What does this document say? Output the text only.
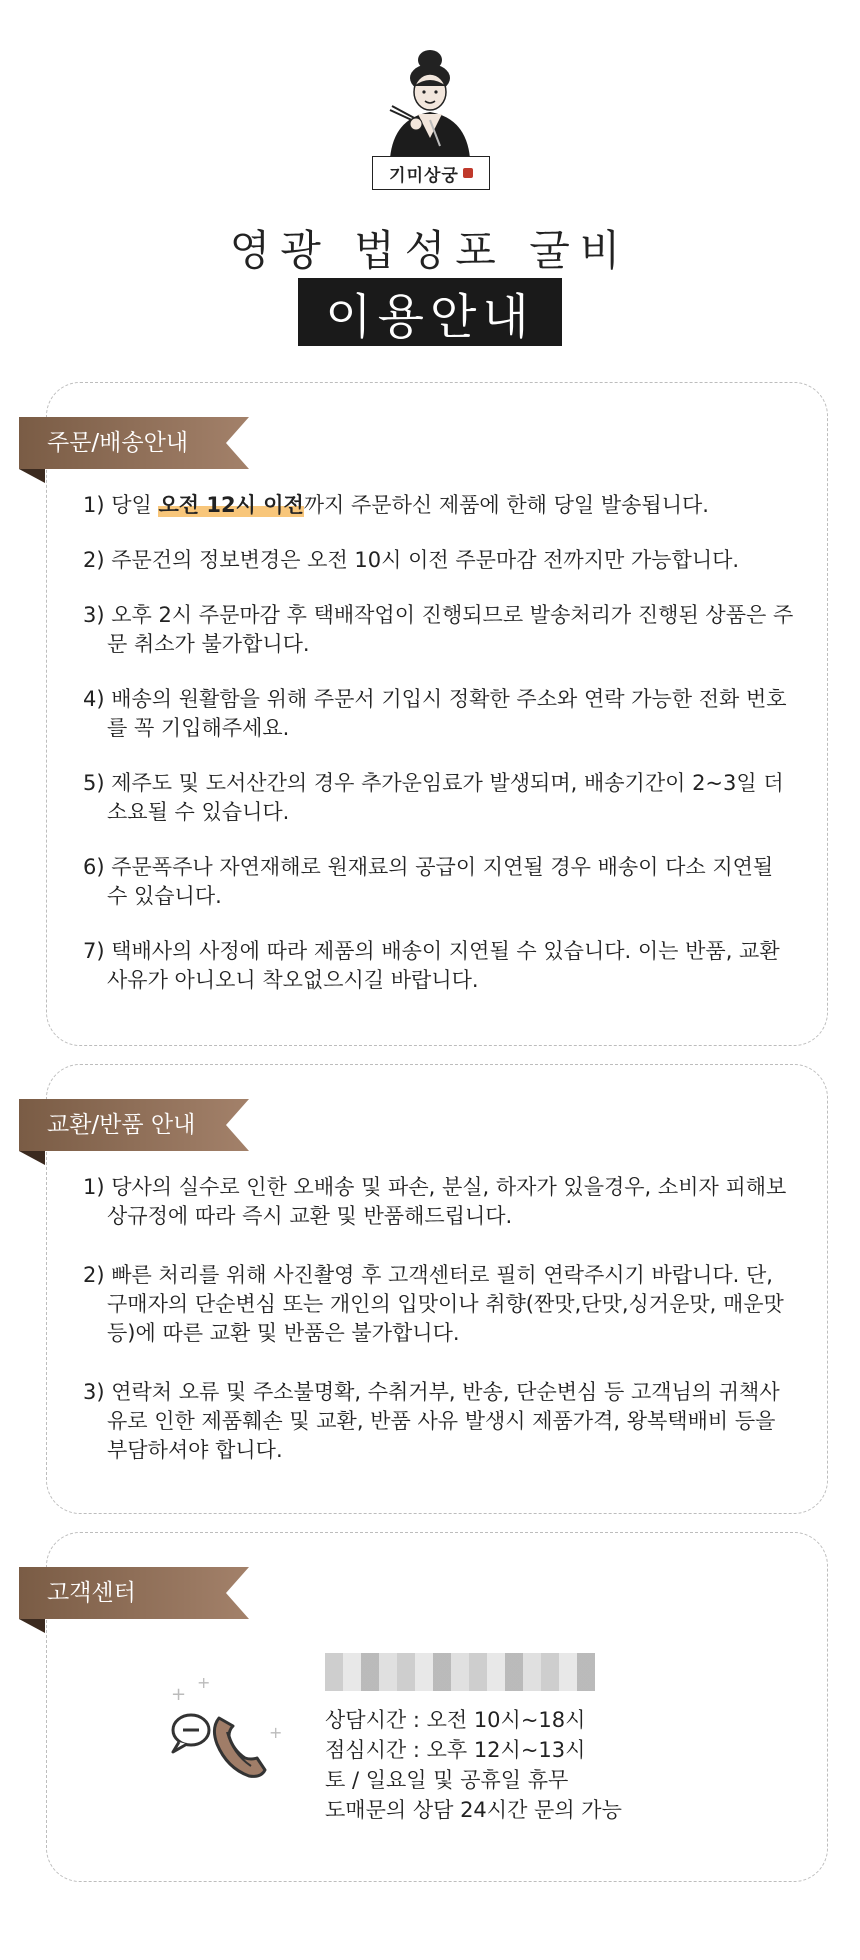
기미상궁
영광 법성포 굴비
이용안내
주문/배송안내

1) 당일 오전 12시 이전까지 주문하신 제품에 한해 당일 발송됩니다.

2) 주문건의 정보변경은 오전 10시 이전 주문마감 전까지만 가능합니다.

3) 오후 2시 주문마감 후 택배작업이 진행되므로 발송처리가 진행된 상품은 주문 취소가 불가합니다.

4) 배송의 원활함을 위해 주문서 기입시 정확한 주소와 연락 가능한 전화 번호를 꼭 기입해주세요.

5) 제주도 및 도서산간의 경우 추가운임료가 발생되며, 배송기간이 2~3일 더 소요될 수 있습니다.

6) 주문폭주나 자연재해로 원재료의 공급이 지연될 경우 배송이 다소 지연될 수 있습니다.

7) 택배사의 사정에 따라 제품의 배송이 지연될 수 있습니다. 이는 반품, 교환사유가 아니오니 착오없으시길 바랍니다.

교환/반품 안내

1) 당사의 실수로 인한 오배송 및 파손, 분실, 하자가 있을경우, 소비자 피해보상규정에 따라 즉시 교환 및 반품해드립니다.

2) 빠른 처리를 위해 사진촬영 후 고객센터로 필히 연락주시기 바랍니다. 단, 구매자의 단순변심 또는 개인의 입맛이나 취향(짠맛,단맛,싱거운맛, 매운맛 등)에 따른 교환 및 반품은 불가합니다.

3) 연락처 오류 및 주소불명확, 수취거부, 반송, 단순변심 등 고객님의 귀책사유로 인한 제품훼손 및 교환, 반품 사유 발생시 제품가격, 왕복택배비 등을 부담하셔야 합니다.

고객센터
+
+
+
상담시간 : 오전 10시~18시
점심시간 : 오후 12시~13시
토 / 일요일 및 공휴일 휴무
도매문의 상담 24시간 문의 가능
